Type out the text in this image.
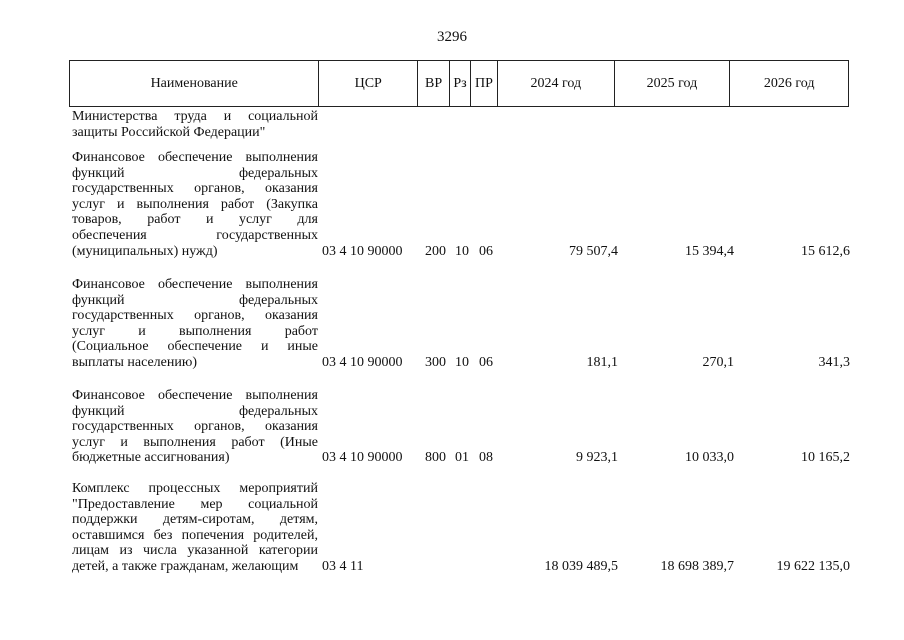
3296
Наименование	ЦСР	ВР Рз ПР	2024 год	2025 год	2026 год
Министерства труда и социальной
защиты Российской Федерации"
Финансовое обеспечение выполнения
функций	федеральных
государственных органов, оказания
услуг и выполнения работ (Закупка
товаров, работ и услуг для
обеспечения	государственных
(муниципальных) нужд)	03 4 10 90000 200 10 06	79 507,4	15 394,4	15 612,6
Финансовое обеспечение выполнения
функций	федеральных
государственных органов, оказания
услуг и выполнения работ
(Социальное обеспечение и иные
выплаты населению)	03 4 10 90000 300 10 06	181,1	270,1	341,3
Финансовое обеспечение выполнения
функций	федеральных
государственных органов, оказания
услуг и выполнения работ (Иные
бюджетные ассигнования)	03 4 10 90000 800 01 08	9 923,1	10 033,0	10 165,2
Комплекс процессных мероприятий
"Предоставление мер социальной
поддержки детям-сиротам, детям,
оставшимся без попечения родителей,
лицам из числа указанной категории
детей, а также гражданам, желающим 03 4 11	18 039 489,5	18 698 389,7	19 622 135,0
